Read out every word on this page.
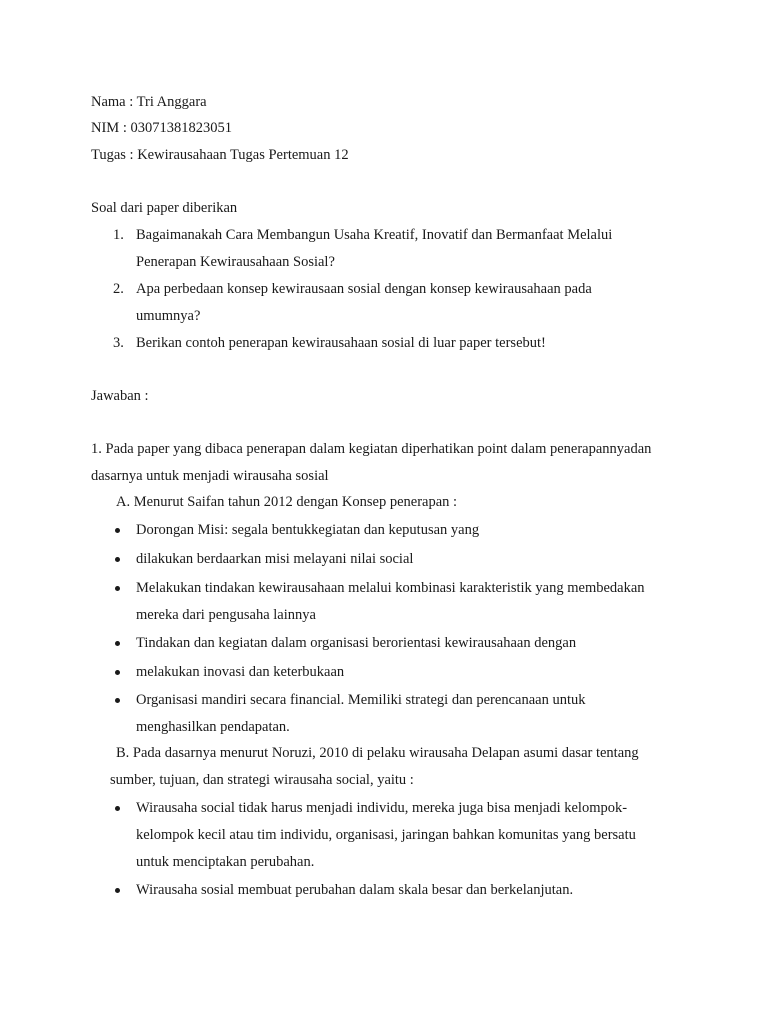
Nama : Tri Anggara
NIM : 03071381823051
Tugas : Kewirausahaan Tugas Pertemuan 12
Soal dari paper diberikan
1. Bagaimanakah Cara Membangun Usaha Kreatif, Inovatif dan Bermanfaat Melalui
Penerapan Kewirausahaan Sosial?
2. Apa perbedaan konsep kewirausaan sosial dengan konsep kewirausahaan pada
umumnya?
3. Berikan contoh penerapan kewirausahaan sosial di luar paper tersebut!
Jawaban :
1. Pada paper yang dibaca penerapan dalam kegiatan diperhatikan point dalam penerapannyadan
dasarnya untuk menjadi wirausaha sosial
A. Menurut Saifan tahun 2012 dengan Konsep penerapan :
Dorongan Misi: segala bentukkegiatan dan keputusan yang
dilakukan berdaarkan misi melayani nilai social
Melakukan tindakan kewirausahaan melalui kombinasi karakteristik yang membedakan
mereka dari pengusaha lainnya
Tindakan dan kegiatan dalam organisasi berorientasi kewirausahaan dengan
melakukan inovasi dan keterbukaan
Organisasi mandiri secara financial. Memiliki strategi dan perencanaan untuk
menghasilkan pendapatan.
B. Pada dasarnya menurut Noruzi, 2010 di pelaku wirausaha Delapan asumi dasar tentang
sumber, tujuan, dan strategi wirausaha social, yaitu :
Wirausaha social tidak harus menjadi individu, mereka juga bisa menjadi kelompok-
kelompok kecil atau tim individu, organisasi, jaringan bahkan komunitas yang bersatu
untuk menciptakan perubahan.
Wirausaha sosial membuat perubahan dalam skala besar dan berkelanjutan.
